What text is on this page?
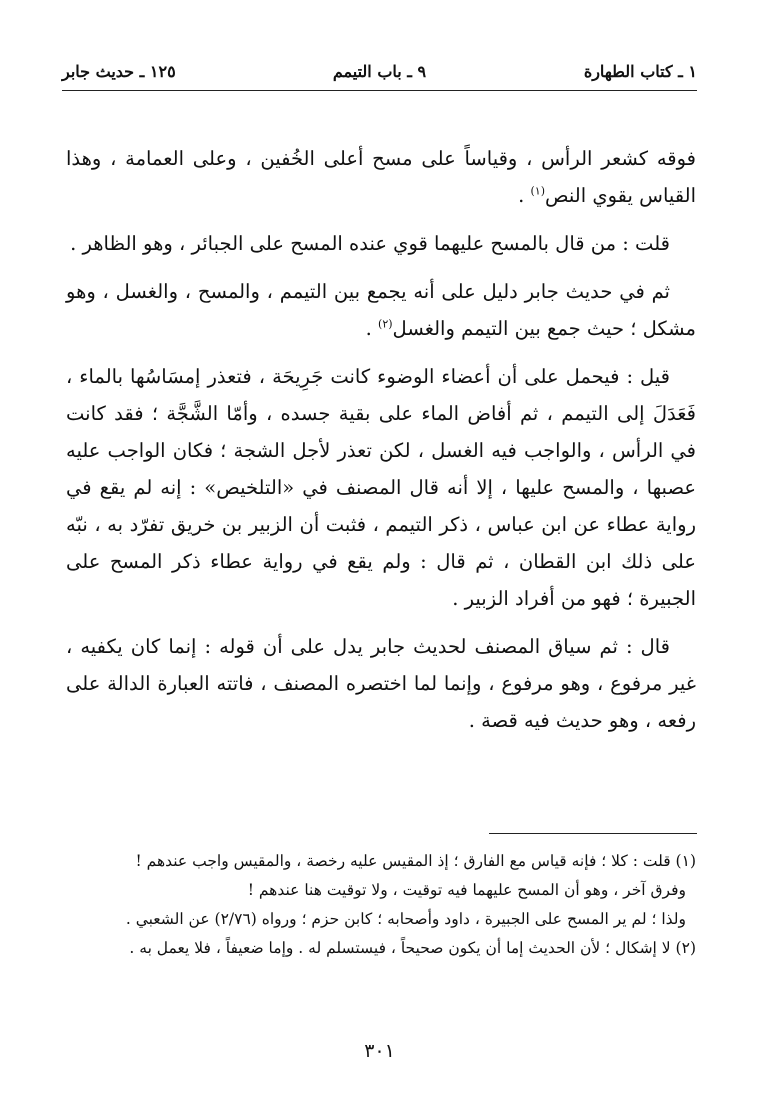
١ ـ كتاب الطهارة
٩ ـ باب التيمم
١٢٥ ـ حديث جابر

فوقه كشعر الرأس ، وقياساً على مسح أعلى الخُفين ، وعلى العمامة ، وهذا القياس يقوي النص$^{(١)}$ .

قلت : من قال بالمسح عليهما قوي عنده المسح على الجبائر ، وهو الظاهر .

ثم في حديث جابر دليل على أنه يجمع بين التيمم ، والمسح ، والغسل ، وهو مشكل ؛ حيث جمع بين التيمم والغسل$^{(٢)}$ .

قيل : فيحمل على أن أعضاء الوضوء كانت جَرِيحَة ، فتعذر إمسَاسُها بالماء ، فَعَدَلَ إلى التيمم ، ثم أفاض الماء على بقية جسده ، وأمّا الشَّجَّة ؛ فقد كانت في الرأس ، والواجب فيه الغسل ، لكن تعذر لأجل الشجة ؛ فكان الواجب عليه عصبها ، والمسح عليها ، إلا أنه قال المصنف في «التلخيص» : إنه لم يقع في رواية عطاء عن ابن عباس ، ذكر التيمم ، فثبت أن الزبير بن خريق تفرّد به ، نبّه على ذلك ابن القطان ، ثم قال : ولم يقع في رواية عطاء ذكر المسح على الجبيرة ؛ فهو من أفراد الزبير .

قال : ثم سياق المصنف لحديث جابر يدل على أن قوله : إنما كان يكفيه ، غير مرفوع ، وهو مرفوع ، وإنما لما اختصره المصنف ، فاتته العبارة الدالة على رفعه ، وهو حديث فيه قصة .

(١) قلت : كلا ؛ فإنه قياس مع الفارق ؛ إذ المقيس عليه رخصة ، والمقيس واجب عندهم !

وفرق آخر ، وهو أن المسح عليهما فيه توقيت ، ولا توقيت هنا عندهم !

ولذا ؛ لم ير المسح على الجبيرة ، داود وأصحابه ؛ كابن حزم ؛ ورواه (٢/٧٦) عن الشعبي .

(٢) لا إشكال ؛ لأن الحديث إما أن يكون صحيحاً ، فيستسلم له . وإما ضعيفاً ، فلا يعمل به .

٣٠١
